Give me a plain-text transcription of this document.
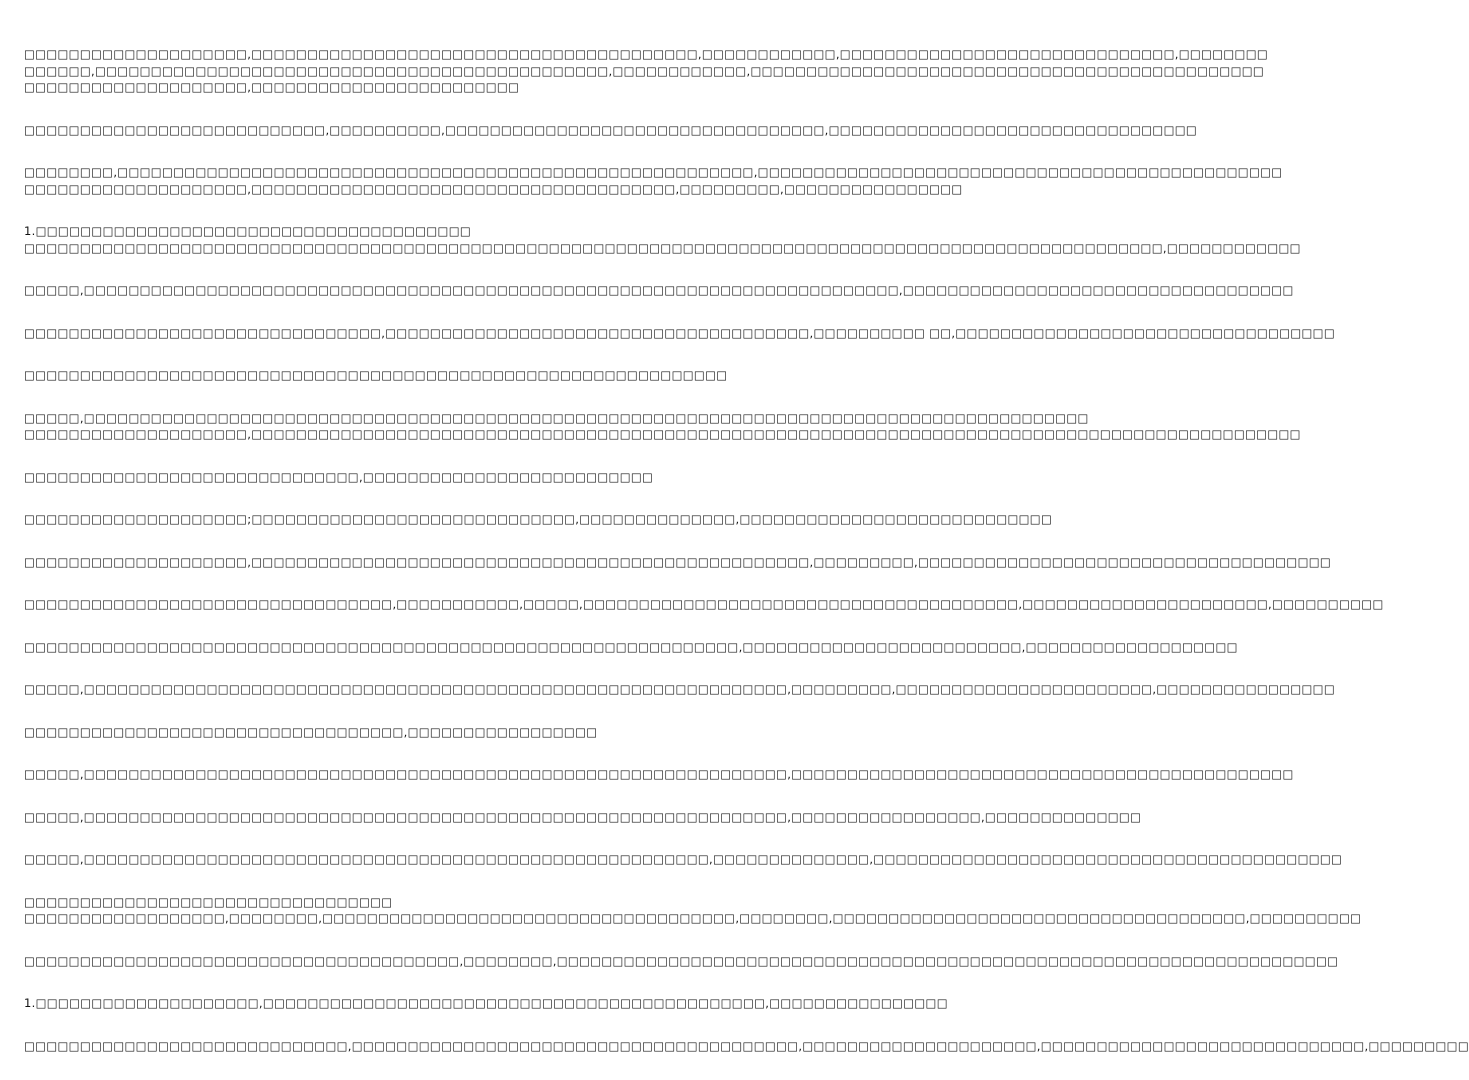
□□□□□□□□□□□□□□□□□□□□,□□□□□□□□□□□□□□□□□□□□□□□□□□□□□□□□□□□□□□□□,□□□□□□□□□□□□,□□□□□□□□□□□□□□□□□□□□□□□□□□□□□□,□□□□□□□□
□□□□□□,□□□□□□□□□□□□□□□□□□□□□□□□□□□□□□□□□□□□□□□□□□□□□□,□□□□□□□□□□□□,□□□□□□□□□□□□□□□□□□□□□□□□□□□□□□□□□□□□□□□□□□□□□□
□□□□□□□□□□□□□□□□□□□□,□□□□□□□□□□□□□□□□□□□□□□□□
□□□□□□□□□□□□□□□□□□□□□□□□□□□,□□□□□□□□□□,□□□□□□□□□□□□□□□□□□□□□□□□□□□□□□□□□□,□□□□□□□□□□□□□□□□□□□□□□□□□□□□□□□□□
□□□□□□□□,□□□□□□□□□□□□□□□□□□□□□□□□□□□□□□□□□□□□□□□□□□□□□□□□□□□□□□□□□,□□□□□□□□□□□□□□□□□□□□□□□□□□□□□□□□□□□□□□□□□□□□□□□
□□□□□□□□□□□□□□□□□□□□,□□□□□□□□□□□□□□□□□□□□□□□□□□□□□□□□□□□□□□,□□□□□□□□□,□□□□□□□□□□□□□□□□
1.□□□□□□□□□□□□□□□□□□□□□□□□□□□□□□□□□□□□□□□
□□□□□□□□□□□□□□□□□□□□□□□□□□□□□□□□□□□□□□□□□□□□□□□□□□□□□□□□□□□□□□□□□□□□□□□□□□□□□□□□□□□□□□□□□□□□□□□□□□□□□□,□□□□□□□□□□□□
□□□□□,□□□□□□□□□□□□□□□□□□□□□□□□□□□□□□□□□□□□□□□□□□□□□□□□□□□□□□□□□□□□□□□□□□□□□□□□□,□□□□□□□□□□□□□□□□□□□□□□□□□□□□□□□□□□□
□□□□□□□□□□□□□□□□□□□□□□□□□□□□□□□□,□□□□□□□□□□□□□□□□□□□□□□□□□□□□□□□□□□□□□□,□□□□□□□□□□ □□,□□□□□□□□□□□□□□□□□□□□□□□□□□□□□□□□□□
□□□□□□□□□□□□□□□□□□□□□□□□□□□□□□□□□□□□□□□□□□□□□□□□□□□□□□□□□□□□□□□
□□□□□,□□□□□□□□□□□□□□□□□□□□□□□□□□□□□□□□□□□□□□□□□□□□□□□□□□□□□□□□□□□□□□□□□□□□□□□□□□□□□□□□□□□□□□□□□□
□□□□□□□□□□□□□□□□□□□□,□□□□□□□□□□□□□□□□□□□□□□□□□□□□□□□□□□□□□□□□□□□□□□□□□□□□□□□□□□□□□□□□□□□□□□□□□□□□□□□□□□□□□□□□□□□□□□
□□□□□□□□□□□□□□□□□□□□□□□□□□□□□□,□□□□□□□□□□□□□□□□□□□□□□□□□□
□□□□□□□□□□□□□□□□□□□□;□□□□□□□□□□□□□□□□□□□□□□□□□□□□□,□□□□□□□□□□□□□□,□□□□□□□□□□□□□□□□□□□□□□□□□□□□
□□□□□□□□□□□□□□□□□□□□,□□□□□□□□□□□□□□□□□□□□□□□□□□□□□□□□□□□□□□□□□□□□□□□□□□,□□□□□□□□□,□□□□□□□□□□□□□□□□□□□□□□□□□□□□□□□□□□□□□
□□□□□□□□□□□□□□□□□□□□□□□□□□□□□□□□□,□□□□□□□□□□□,□□□□□,□□□□□□□□□□□□□□□□□□□□□□□□□□□□□□□□□□□□□□□,□□□□□□□□□□□□□□□□□□□□□□,□□□□□□□□□□
□□□□□□□□□□□□□□□□□□□□□□□□□□□□□□□□□□□□□□□□□□□□□□□□□□□□□□□□□□□□□□□□,□□□□□□□□□□□□□□□□□□□□□□□□□,□□□□□□□□□□□□□□□□□□□
□□□□□,□□□□□□□□□□□□□□□□□□□□□□□□□□□□□□□□□□□□□□□□□□□□□□□□□□□□□□□□□□□□□□□,□□□□□□□□□,□□□□□□□□□□□□□□□□□□□□□□□,□□□□□□□□□□□□□□□□
□□□□□□□□□□□□□□□□□□□□□□□□□□□□□□□□□□,□□□□□□□□□□□□□□□□□
□□□□□,□□□□□□□□□□□□□□□□□□□□□□□□□□□□□□□□□□□□□□□□□□□□□□□□□□□□□□□□□□□□□□□,□□□□□□□□□□□□□□□□□□□□□□□□□□□□□□□□□□□□□□□□□□□□□
□□□□□,□□□□□□□□□□□□□□□□□□□□□□□□□□□□□□□□□□□□□□□□□□□□□□□□□□□□□□□□□□□□□□□,□□□□□□□□□□□□□□□□□,□□□□□□□□□□□□□□
□□□□□,□□□□□□□□□□□□□□□□□□□□□□□□□□□□□□□□□□□□□□□□□□□□□□□□□□□□□□□□,□□□□□□□□□□□□□□,□□□□□□□□□□□□□□□□□□□□□□□□□□□□□□□□□□□□□□□□□□
□□□□□□□□□□□□□□□□□□□□□□□□□□□□□□□□□
□□□□□□□□□□□□□□□□□□,□□□□□□□□,□□□□□□□□□□□□□□□□□□□□□□□□□□□□□□□□□□□□□,□□□□□□□□,□□□□□□□□□□□□□□□□□□□□□□□□□□□□□□□□□□□□□,□□□□□□□□□□
□□□□□□□□□□□□□□□□□□□□□□□□□□□□□□□□□□□□□□□,□□□□□□□□,□□□□□□□□□□□□□□□□□□□□□□□□□□□□□□□□□□□□□□□□□□□□□□□□□□□□□□□□□□□□□□□□□□□□□□
1.□□□□□□□□□□□□□□□□□□□□,□□□□□□□□□□□□□□□□□□□□□□□□□□□□□□□□□□□□□□□□□□□□□,□□□□□□□□□□□□□□□□
□□□□□□□□□□□□□□□□□□□□□□□□□□□□□,□□□□□□□□□□□□□□□□□□□□□□□□□□□□□□□□□□□□□□□□,□□□□□□□□□□□□□□□□□□□□□,□□□□□□□□□□□□□□□□□□□□□□□□□□□□□,□□□□□□□□□
